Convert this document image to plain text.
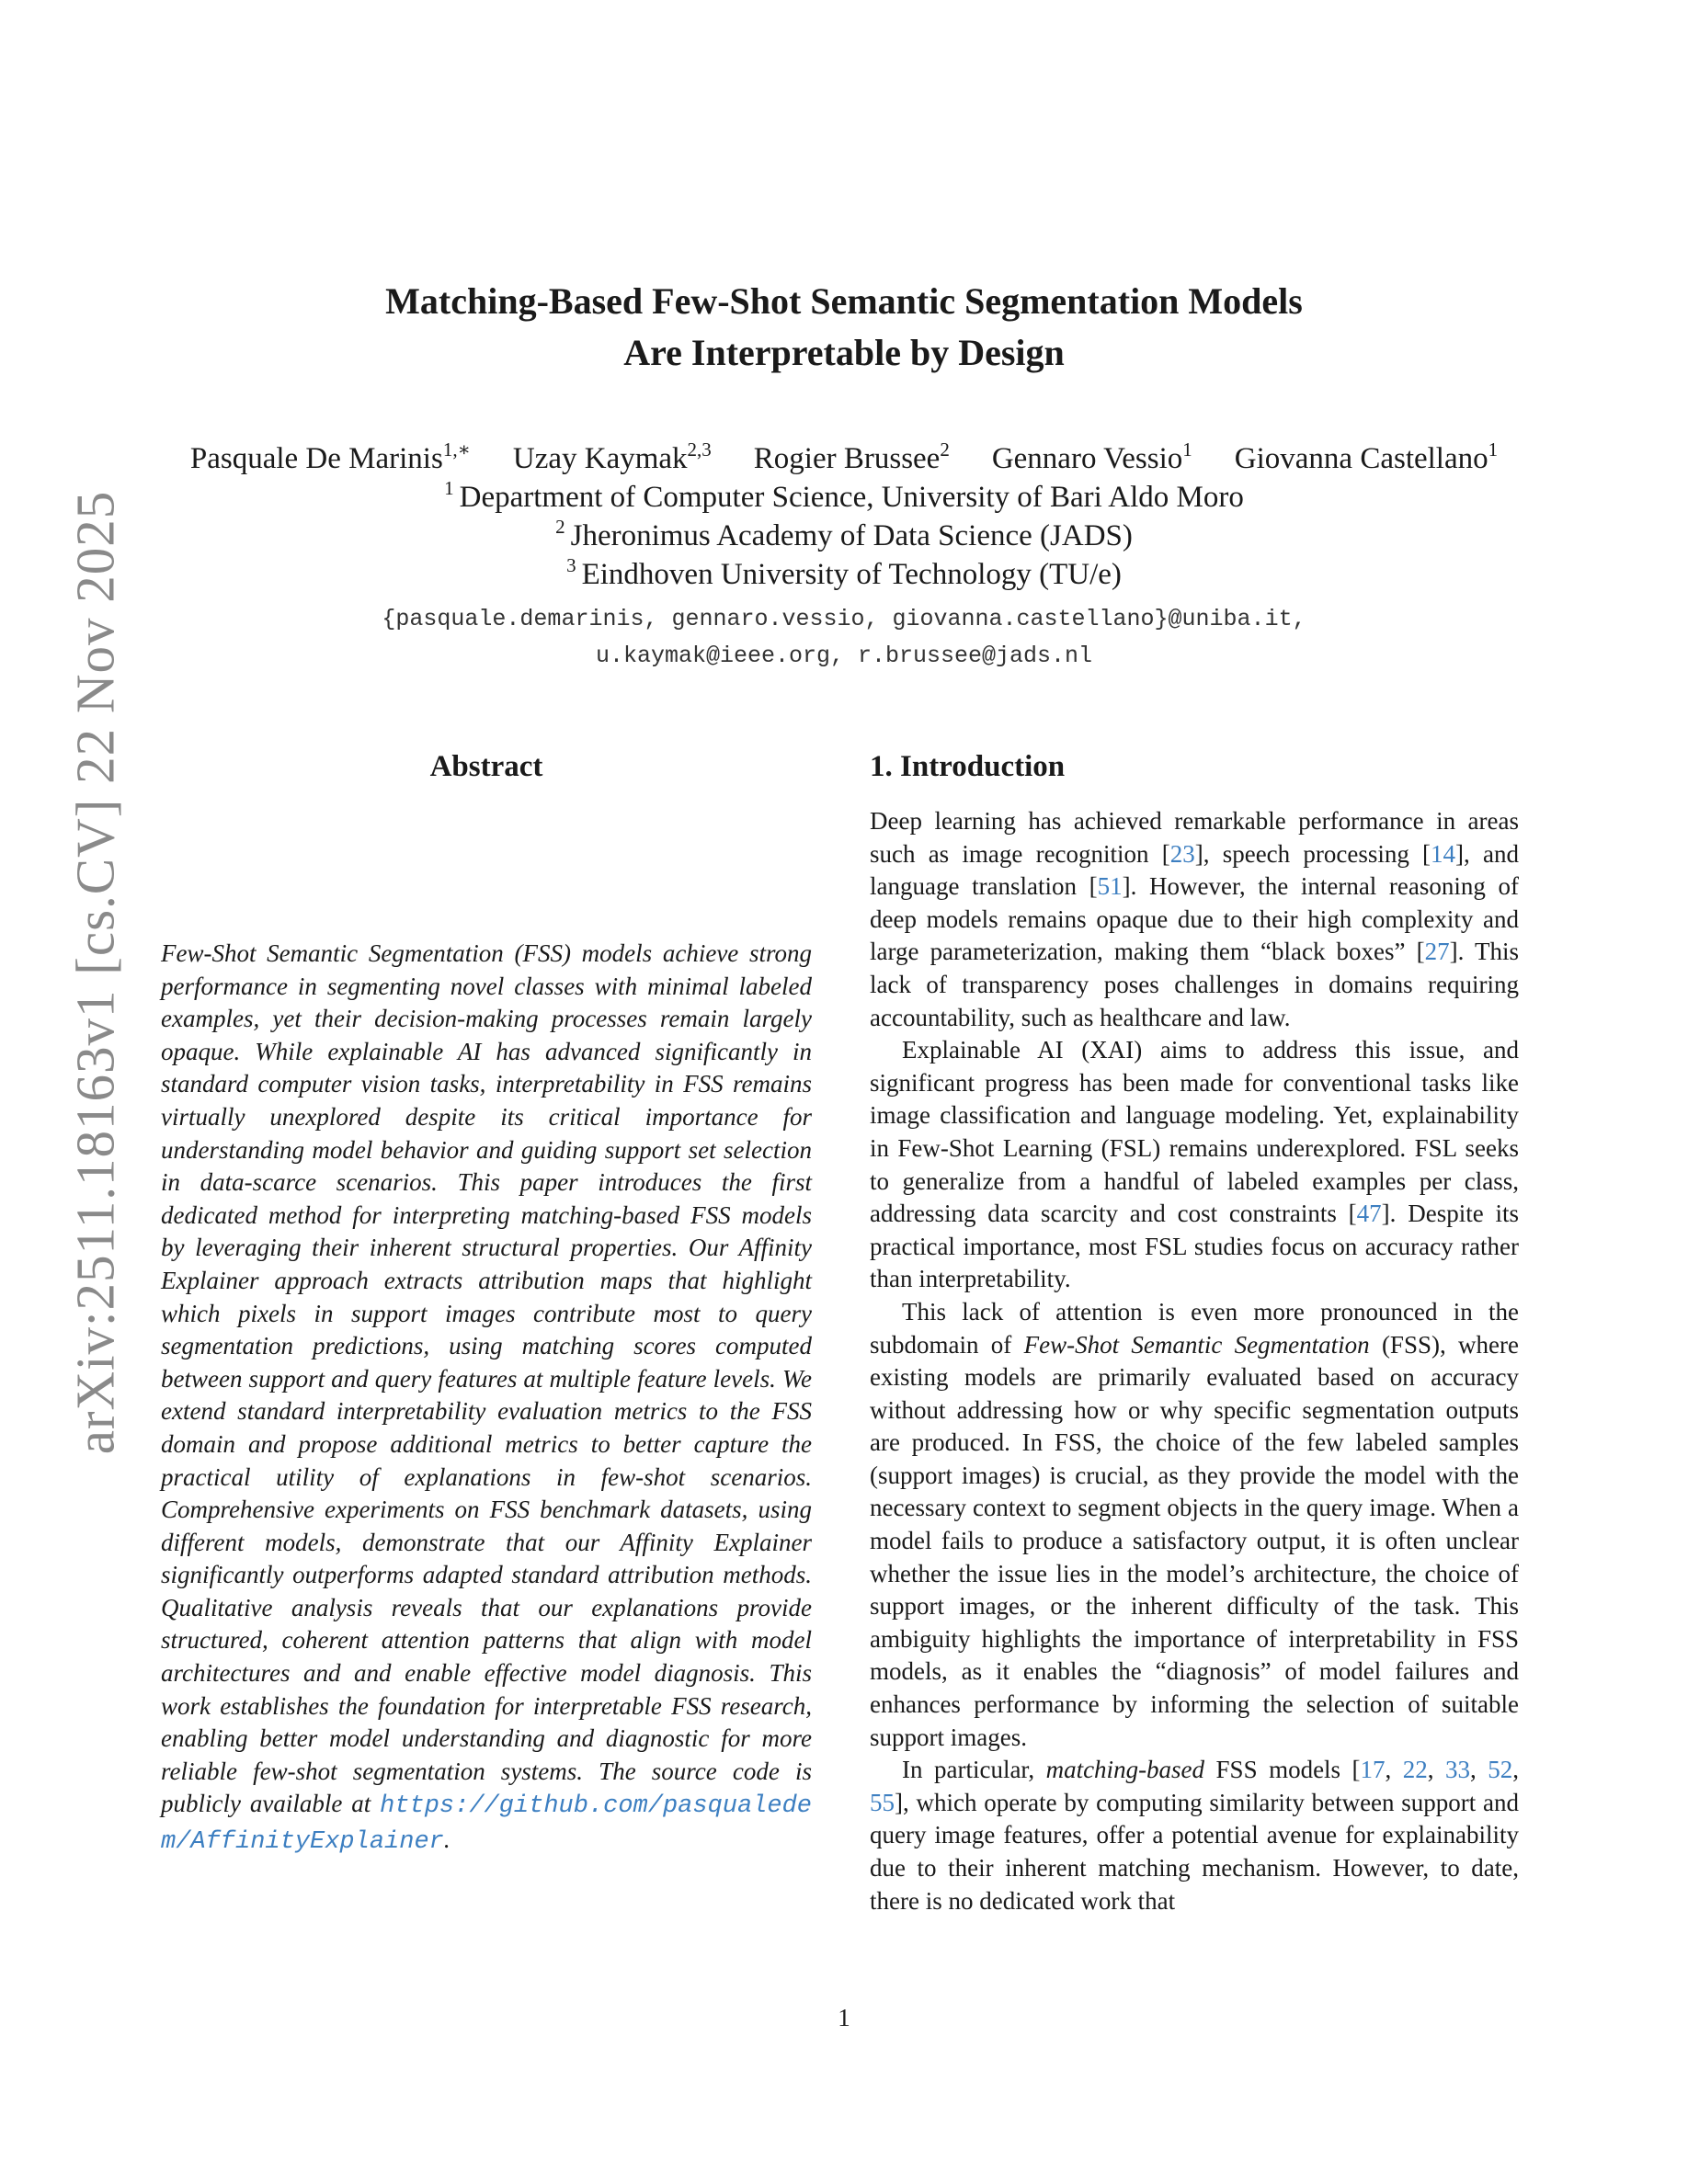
arXiv:2511.18163v1 [cs.CV] 22 Nov 2025
Matching-Based Few-Shot Semantic Segmentation Models
Are Interpretable by Design
Pasquale De Marinis$^{1,∗}$ Uzay Kaymak$^{2,3}$ Rogier Brussee$^2$ Gennaro Vessio$^1$ Giovanna Castellano$^1$
$^1$ Department of Computer Science, University of Bari Aldo Moro
$^2$ Jheronimus Academy of Data Science (JADS)
$^3$ Eindhoven University of Technology (TU/e)
{pasquale.demarinis, gennaro.vessio, giovanna.castellano}@uniba.it,
u.kaymak@ieee.org, r.brussee@jads.nl
Abstract
Few-Shot Semantic Segmentation (FSS) models achieve strong performance in segmenting novel classes with minimal labeled examples, yet their decision-making processes remain largely opaque. While explainable AI has advanced significantly in standard computer vision tasks, interpretability in FSS remains virtually unexplored despite its critical importance for understanding model behavior and guiding support set selection in data-scarce scenarios. This paper introduces the first dedicated method for interpreting matching-based FSS models by leveraging their inherent structural properties. Our Affinity Explainer approach extracts attribution maps that highlight which pixels in support images contribute most to query segmentation predictions, using matching scores computed between support and query features at multiple feature levels. We extend standard interpretability evaluation metrics to the FSS domain and propose additional metrics to better capture the practical utility of explanations in few-shot scenarios. Comprehensive experiments on FSS benchmark datasets, using different models, demonstrate that our Affinity Explainer significantly outperforms adapted standard attribution methods. Qualitative analysis reveals that our explanations provide structured, coherent attention patterns that align with model architectures and and enable effective model diagnosis. This work establishes the foundation for interpretable FSS research, enabling better model understanding and diagnostic for more reliable few-shot segmentation systems. The source code is publicly available at https://github.com/pasqualedem/AffinityExplainer.
1. Introduction

Deep learning has achieved remarkable performance in areas such as image recognition [23], speech processing [14], and language translation [51]. However, the internal reasoning of deep models remains opaque due to their high complexity and large parameterization, making them “black boxes” [27]. This lack of transparency poses challenges in domains requiring accountability, such as healthcare and law.

Explainable AI (XAI) aims to address this issue, and significant progress has been made for conventional tasks like image classification and language modeling. Yet, explainability in Few-Shot Learning (FSL) remains underexplored. FSL seeks to generalize from a handful of labeled examples per class, addressing data scarcity and cost constraints [47]. Despite its practical importance, most FSL studies focus on accuracy rather than interpretability.

This lack of attention is even more pronounced in the subdomain of Few-Shot Semantic Segmentation (FSS), where existing models are primarily evaluated based on accuracy without addressing how or why specific segmentation outputs are produced. In FSS, the choice of the few labeled samples (support images) is crucial, as they provide the model with the necessary context to segment objects in the query image. When a model fails to produce a satisfactory output, it is often unclear whether the issue lies in the model’s architecture, the choice of support images, or the inherent difficulty of the task. This ambiguity highlights the importance of interpretability in FSS models, as it enables the “diagnosis” of model failures and enhances performance by informing the selection of suitable support images.

In particular, matching-based FSS models [17, 22, 33, 52, 55], which operate by computing similarity between support and query image features, offer a potential avenue for explainability due to their inherent matching mechanism. However, to date, there is no dedicated work that

1
